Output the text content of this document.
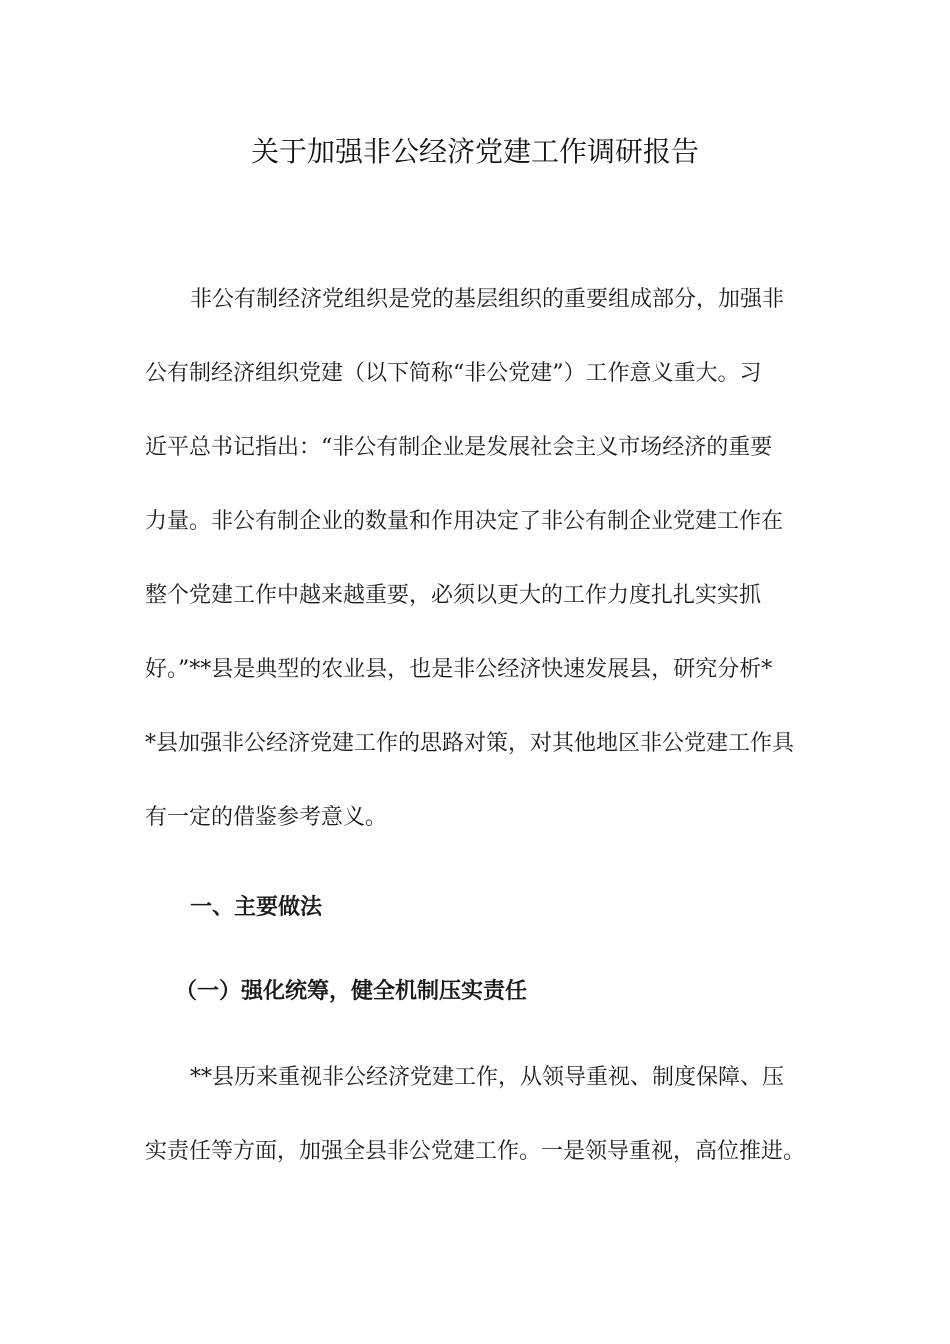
关于加强非公经济党建工作调研报告
非公有制经济党组织是党的基层组织的重要组成部分，加强非
公有制经济组织党建（以下简称“非公党建”）工作意义重大。习
近平总书记指出：“非公有制企业是发展社会主义市场经济的重要
力量。非公有制企业的数量和作用决定了非公有制企业党建工作在
整个党建工作中越来越重要，必须以更大的工作力度扎扎实实抓
好。”**县是典型的农业县，也是非公经济快速发展县，研究分析*
*县加强非公经济党建工作的思路对策，对其他地区非公党建工作具
有一定的借鉴参考意义。
一、主要做法
（一）强化统筹，健全机制压实责任
**县历来重视非公经济党建工作，从领导重视、制度保障、压
实责任等方面，加强全县非公党建工作。一是领导重视，高位推进。
